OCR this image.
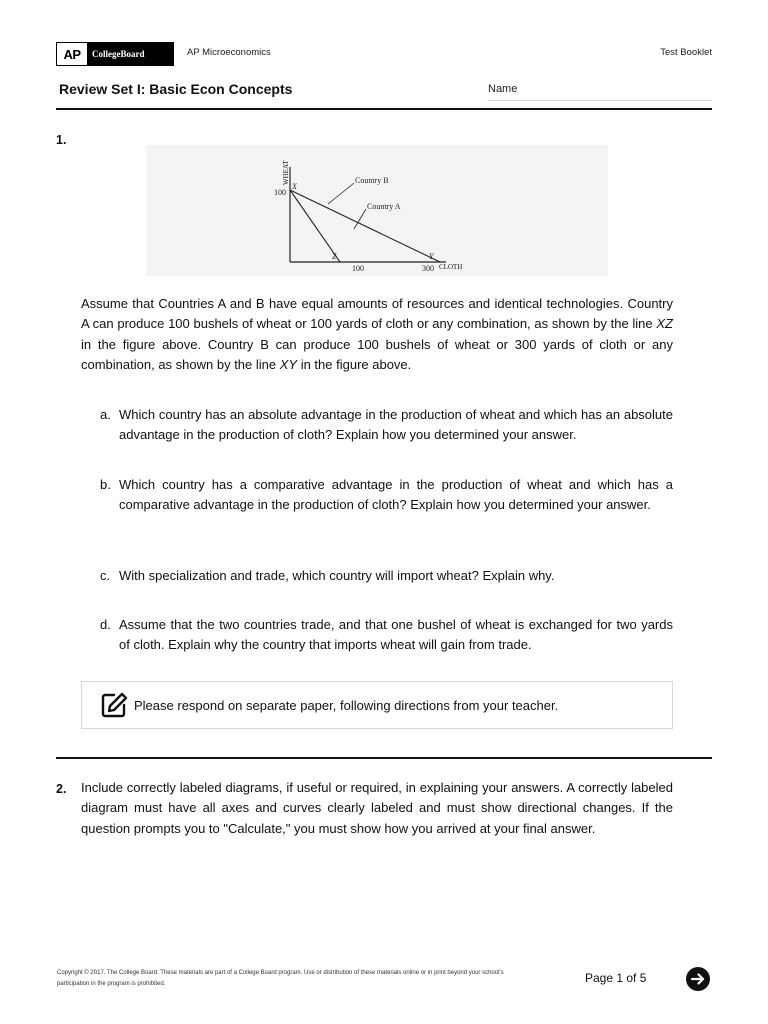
AP	CollegeBoard	AP Microeconomics	Test Booklet
Review Set I: Basic Econ Concepts	Name
1.
WHEAT
100
X
Country B
Country A
Z	Y
100	300 CLOTH
Assume that Countries A and B have equal amounts of resources and identical technologies. Country A can produce 100 bushels of wheat or 100 yards of cloth or any combination, as shown by the line XZ in the figure above. Country B can produce 100 bushels of wheat or 300 yards of cloth or any combination, as shown by the line XY in the figure above.
a. Which country has an absolute advantage in the production of wheat and which has an absolute advantage in the production of cloth? Explain how you determined your answer.
b. Which country has a comparative advantage in the production of wheat and which has a comparative advantage in the production of cloth? Explain how you determined your answer.
c. With specialization and trade, which country will import wheat? Explain why.
d. Assume that the two countries trade, and that one bushel of wheat is exchanged for two yards of cloth. Explain why the country that imports wheat will gain from trade.
Please respond on separate paper, following directions from your teacher.
2. Include correctly labeled diagrams, if useful or required, in explaining your answers. A correctly labeled diagram must have all axes and curves clearly labeled and must show directional changes. If the question prompts you to "Calculate," you must show how you arrived at your final answer.
Copyright © 2017. The College Board. These materials are part of a College Board program. Use or distribution of these materials online or in print beyond your school's participation in the program is prohibited.	Page 1 of 5
